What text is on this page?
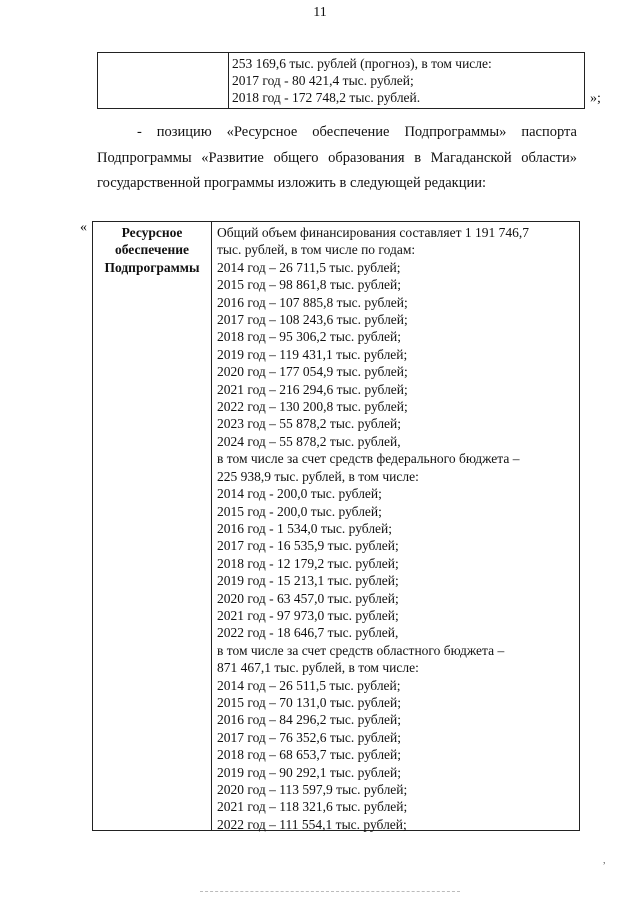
11
253 169,6 тыс. рублей (прогноз), в том числе:
2017 год - 80 421,4 тыс. рублей;
2018 год - 172 748,2 тыс. рублей.	»;
- позицию «Ресурсное обеспечение Подпрограммы» паспорта
Подпрограммы «Развитие общего образования в Магаданской области»
государственной программы изложить в следующей редакции:
«	Ресурсное
обеспечение
Подпрограммы
Общий объем финансирования составляет 1 191 746,7
тыс. рублей, в том числе по годам:
2014 год – 26 711,5 тыс. рублей;
2015 год – 98 861,8 тыс. рублей;
2016 год – 107 885,8 тыс. рублей;
2017 год – 108 243,6 тыс. рублей;
2018 год – 95 306,2 тыс. рублей;
2019 год – 119 431,1 тыс. рублей;
2020 год – 177 054,9 тыс. рублей;
2021 год – 216 294,6 тыс. рублей;
2022 год – 130 200,8 тыс. рублей;
2023 год – 55 878,2 тыс. рублей;
2024 год – 55 878,2 тыс. рублей,
в том числе за счет средств федерального бюджета –
225 938,9 тыс. рублей, в том числе:
2014 год - 200,0 тыс. рублей;
2015 год - 200,0 тыс. рублей;
2016 год - 1 534,0 тыс. рублей;
2017 год - 16 535,9 тыс. рублей;
2018 год - 12 179,2 тыс. рублей;
2019 год - 15 213,1 тыс. рублей;
2020 год - 63 457,0 тыс. рублей;
2021 год - 97 973,0 тыс. рублей;
2022 год - 18 646,7 тыс. рублей,
в том числе за счет средств областного бюджета –
871 467,1 тыс. рублей, в том числе:
2014 год – 26 511,5 тыс. рублей;
2015 год – 70 131,0 тыс. рублей;
2016 год – 84 296,2 тыс. рублей;
2017 год – 76 352,6 тыс. рублей;
2018 год – 68 653,7 тыс. рублей;
2019 год – 90 292,1 тыс. рублей;
2020 год – 113 597,9 тыс. рублей;
2021 год – 118 321,6 тыс. рублей;
2022 год – 111 554,1 тыс. рублей;
,
